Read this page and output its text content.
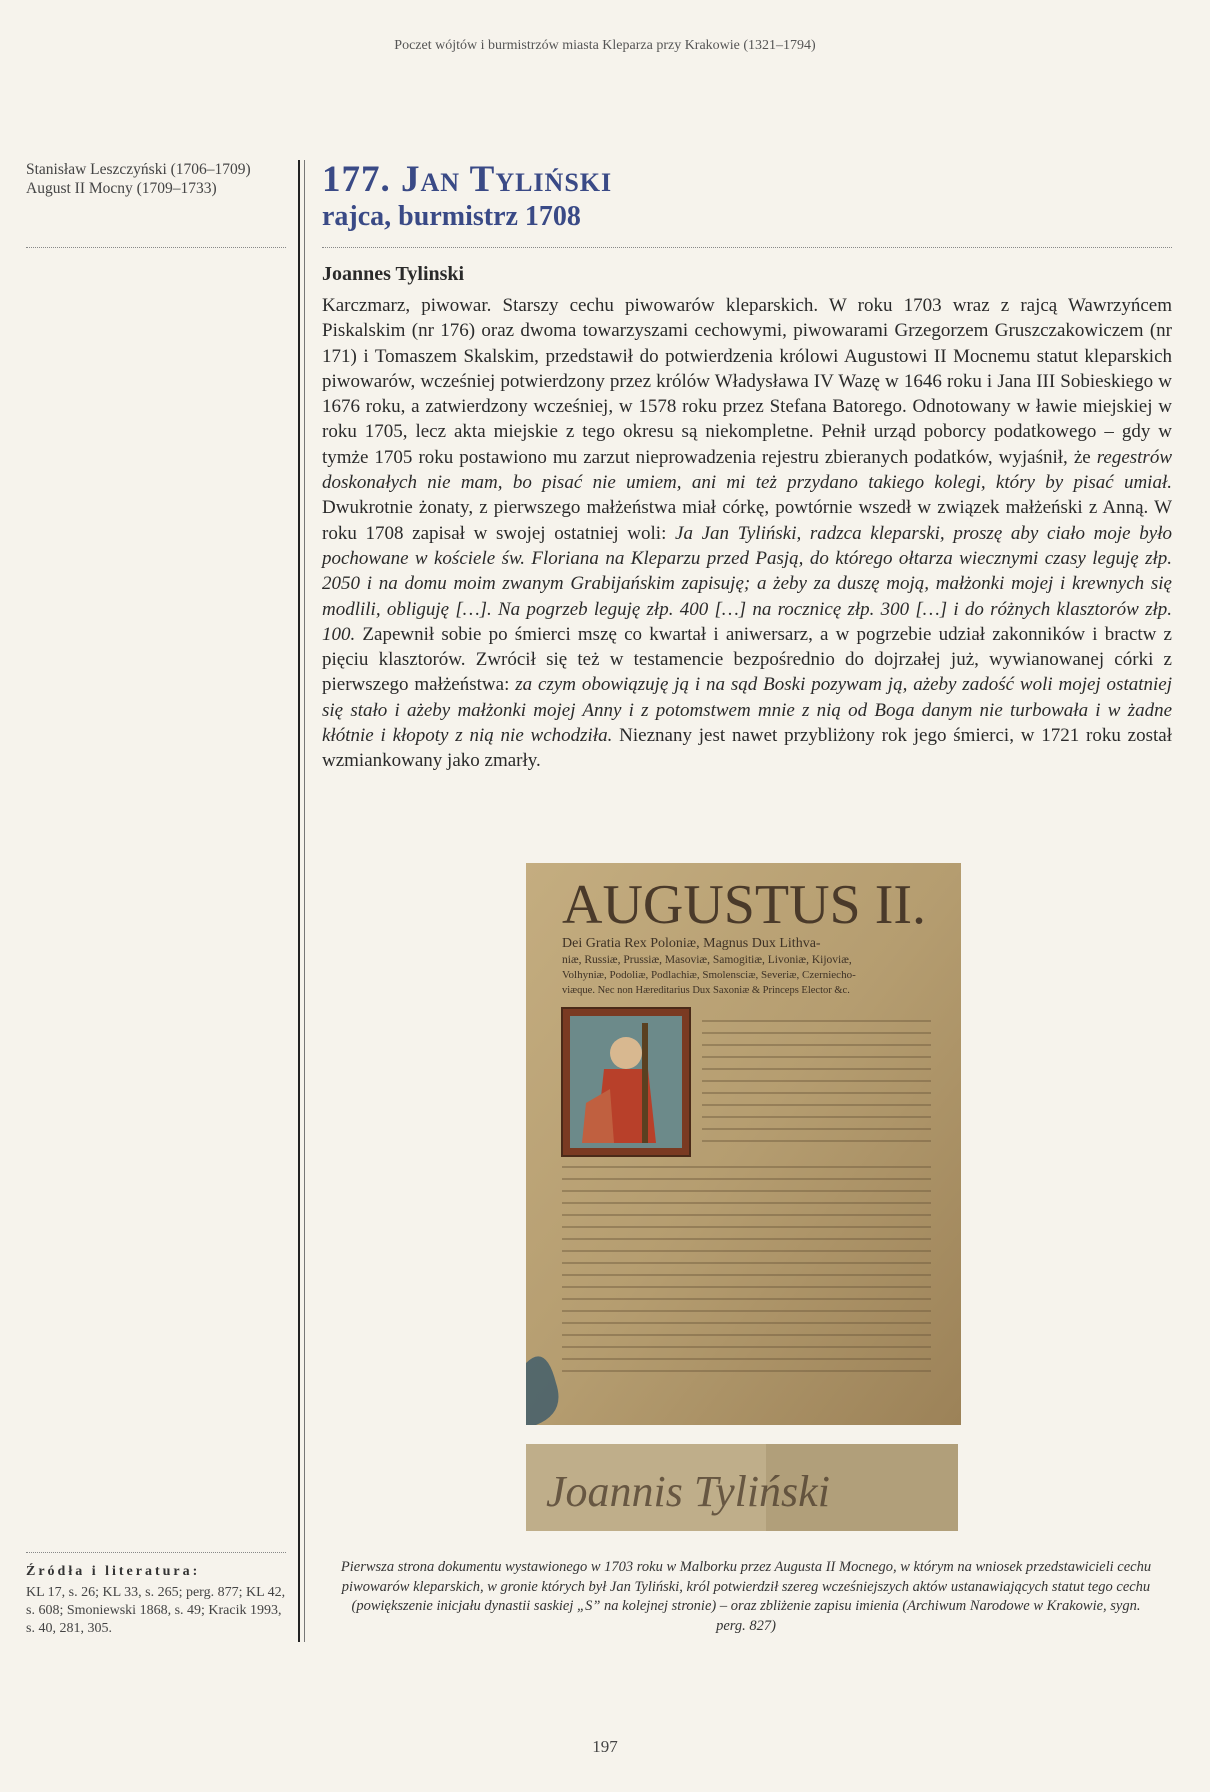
Poczet wójtów i burmistrzów miasta Kleparza przy Krakowie (1321–1794)
Stanisław Leszczyński (1706–1709)
August II Mocny (1709–1733)	177. Jan Tyliński
rajca, burmistrz 1708
Joannes Tylinski
Karczmarz, piwowar. Starszy cechu piwowarów kleparskich. W roku 1703 wraz z rajcą Wawrzyńcem Piskalskim (nr 176) oraz dwoma towarzyszami cechowymi, piwowarami Grzegorzem Gruszczakowiczem (nr 171) i Tomaszem Skalskim, przedstawił do potwierdzenia królowi Augustowi II Mocnemu statut kleparskich piwowarów, wcześniej potwierdzony przez królów Władysława IV Wazę w 1646 roku i Jana III Sobieskiego w 1676 roku, a zatwierdzony wcześniej, w 1578 roku przez Stefana Batorego. Odnotowany w ławie miejskiej w roku 1705, lecz akta miejskie z tego okresu są niekompletne. Pełnił urząd poborcy podatkowego – gdy w tymże 1705 roku postawiono mu zarzut nieprowadzenia rejestru zbieranych podatków, wyjaśnił, że regestrów doskonałych nie mam, bo pisać nie umiem, ani mi też przydano takiego kolegi, który by pisać umiał. Dwukrotnie żonaty, z pierwszego małżeństwa miał córkę, powtórnie wszedł w związek małżeński z Anną. W roku 1708 zapisał w swojej ostatniej woli: Ja Jan Tyliński, radzca kleparski, proszę aby ciało moje było pochowane w kościele św. Floriana na Kleparzu przed Pasją, do którego ołtarza wiecznymi czasy leguję złp. 2050 i na domu moim zwanym Grabijańskim zapisuję; a żeby za duszę moją, małżonki mojej i krewnych się modlili, obliguję […]. Na pogrzeb leguję złp. 400 […] na rocznicę złp. 300 […] i do różnych klasztorów złp. 100. Zapewnił sobie po śmierci mszę co kwartał i aniwersarz, a w pogrzebie udział zakonników i bractw z pięciu klasztorów. Zwrócił się też w testamencie bezpośrednio do dojrzałej już, wywianowanej córki z pierwszego małżeństwa: za czym obowiązuję ją i na sąd Boski pozywam ją, ażeby zadość woli mojej ostatniej się stało i ażeby małżonki mojej Anny i z potomstwem mnie z nią od Boga danym nie turbowała i w żadne kłótnie i kłopoty z nią nie wchodziła. Nieznany jest nawet przybliżony rok jego śmierci, w 1721 roku został wzmiankowany jako zmarły.
AUGUSTUS II.
Dei Gratia Rex Poloniæ, Magnus Dux Lithva-
niæ, Russiæ, Prussiæ, Masoviæ, Samogitiæ, Livoniæ, Kijoviæ,
Volhyniæ, Podoliæ, Podlachiæ, Smolensciæ, Severiæ, Czerniecho-
viæque. Nec non Hæreditarius Dux Saxoniæ & Princeps Elector &c.
Joannis Tyliński
Pierwsza strona dokumentu wystawionego w 1703 roku w Malborku przez Augusta II Mocnego, w którym na wniosek przedstawicieli cechu piwowarów kleparskich, w gronie których był Jan Tyliński, król potwierdził szereg wcześniejszych aktów ustanawiających statut tego cechu (powiększenie inicjału dynastii saskiej „S” na kolejnej stronie) – oraz zbliżenie zapisu imienia (Archiwum Narodowe w Krakowie, sygn. perg. 827)
Źródła i literatura:
KL 17, s. 26; KL 33, s. 265; perg. 877; KL 42, s. 608; Smoniewski 1868, s. 49; Kracik 1993, s. 40, 281, 305.
197
